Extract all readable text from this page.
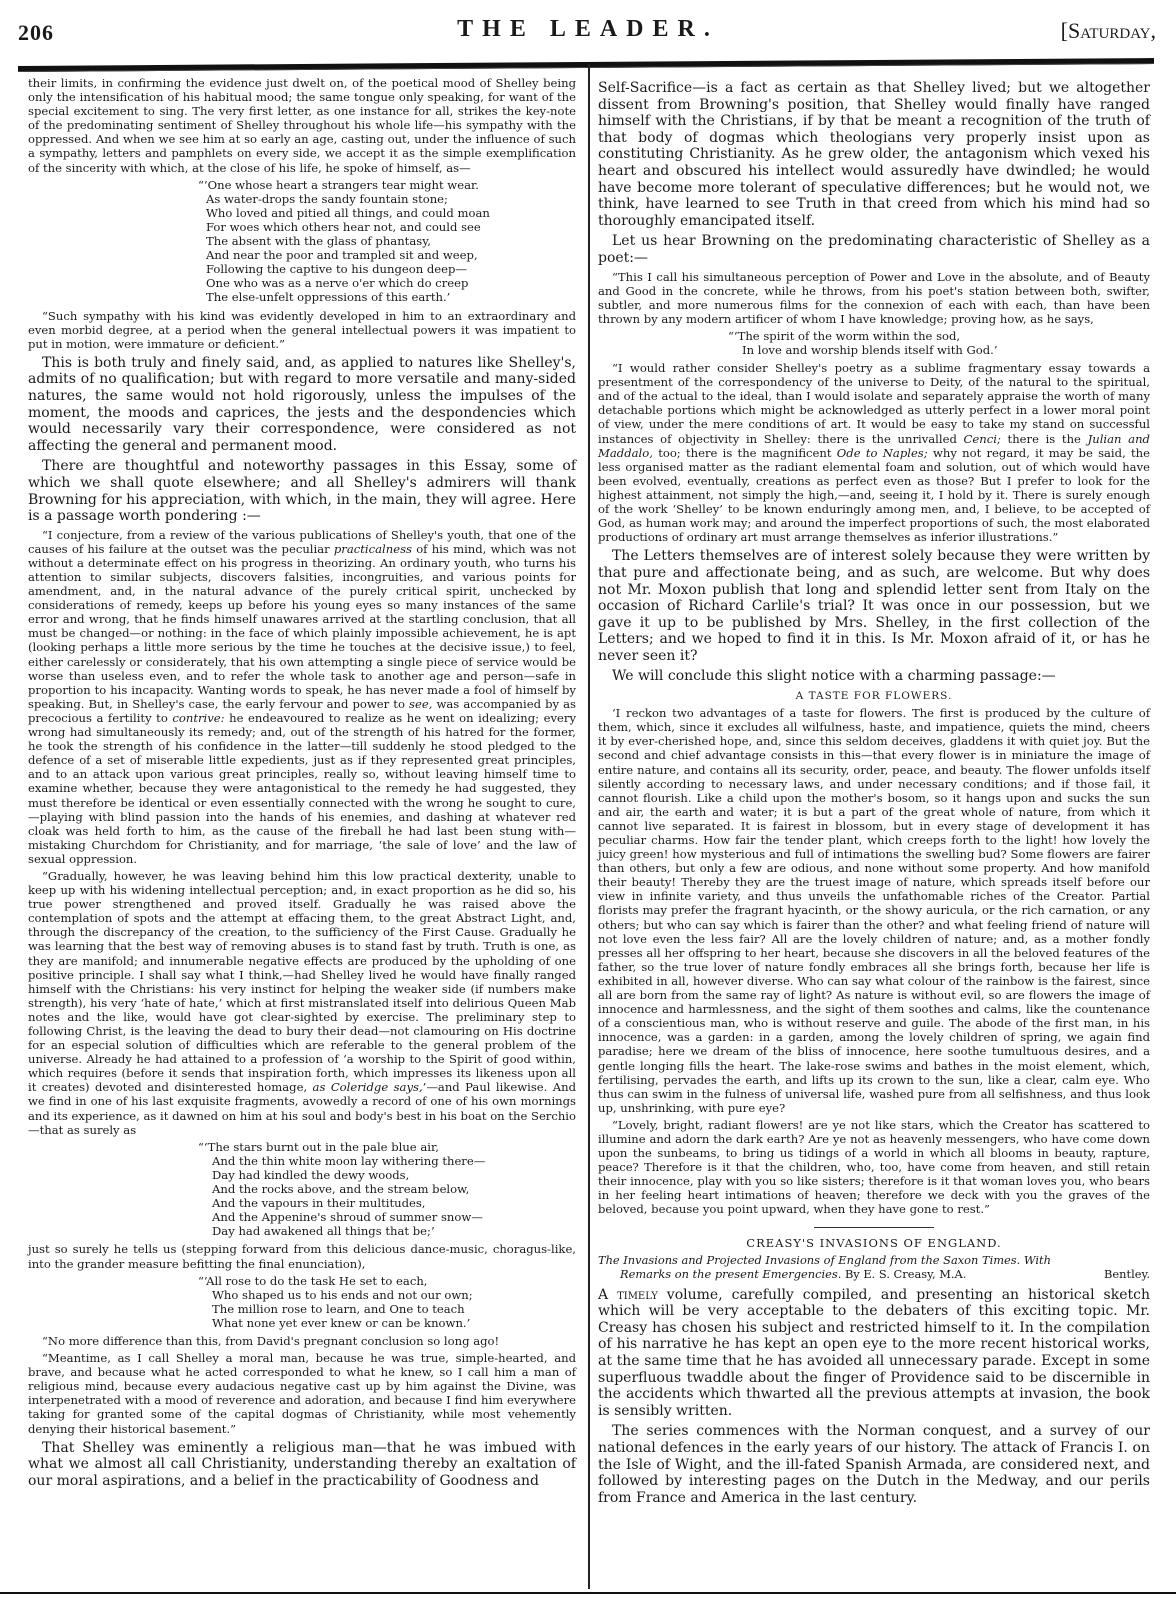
206	THE LEADER.	[Saturday,

their limits, in confirming the evidence just dwelt on, of the poetical mood of Shelley being only the intensification of his habitual mood; the same tongue only speaking, for want of the special excitement to sing. The very first letter, as one instance for all, strikes the key-note of the predominating sentiment of Shelley throughout his whole life—his sympathy with the oppressed. And when we see him at so early an age, casting out, under the influence of such a sympathy, letters and pamphlets on every side, we accept it as the simple exemplification of the sincerity with which, at the close of his life, he spoke of himself, as—

“‘One whose heart a strangers tear might wear.
As water-drops the sandy fountain stone;
Who loved and pitied all things, and could moan
For woes which others hear not, and could see
The absent with the glass of phantasy,
And near the poor and trampled sit and weep,
Following the captive to his dungeon deep—
One who was as a nerve o'er which do creep
The else-unfelt oppressions of this earth.’

“Such sympathy with his kind was evidently developed in him to an extraordinary and even morbid degree, at a period when the general intellectual powers it was impatient to put in motion, were immature or deficient.”

This is both truly and finely said, and, as applied to natures like Shelley's, admits of no qualification; but with regard to more versatile and many-sided natures, the same would not hold rigorously, unless the impulses of the moment, the moods and caprices, the jests and the despondencies which would necessarily vary their correspondence, were considered as not affecting the general and permanent mood.

There are thoughtful and noteworthy passages in this Essay, some of which we shall quote elsewhere; and all Shelley's admirers will thank Browning for his appreciation, with which, in the main, they will agree. Here is a passage worth pondering :—

“I conjecture, from a review of the various publications of Shelley's youth, that one of the causes of his failure at the outset was the peculiar practicalness of his mind, which was not without a determinate effect on his progress in theorizing. An ordinary youth, who turns his attention to similar subjects, discovers falsities, incongruities, and various points for amendment, and, in the natural advance of the purely critical spirit, unchecked by considerations of remedy, keeps up before his young eyes so many instances of the same error and wrong, that he finds himself unawares arrived at the startling conclusion, that all must be changed—or nothing: in the face of which plainly impossible achievement, he is apt (looking perhaps a little more serious by the time he touches at the decisive issue,) to feel, either carelessly or considerately, that his own attempting a single piece of service would be worse than useless even, and to refer the whole task to another age and person—safe in proportion to his incapacity. Wanting words to speak, he has never made a fool of himself by speaking. But, in Shelley's case, the early fervour and power to see, was accompanied by as precocious a fertility to contrive: he endeavoured to realize as he went on idealizing; every wrong had simultaneously its remedy; and, out of the strength of his hatred for the former, he took the strength of his confidence in the latter—till suddenly he stood pledged to the defence of a set of miserable little expedients, just as if they represented great principles, and to an attack upon various great principles, really so, without leaving himself time to examine whether, because they were antagonistical to the remedy he had suggested, they must therefore be identical or even essentially connected with the wrong he sought to cure,—playing with blind passion into the hands of his enemies, and dashing at whatever red cloak was held forth to him, as the cause of the fireball he had last been stung with—mistaking Churchdom for Christianity, and for marriage, ‘the sale of love’ and the law of sexual oppression.

“Gradually, however, he was leaving behind him this low practical dexterity, unable to keep up with his widening intellectual perception; and, in exact proportion as he did so, his true power strengthened and proved itself. Gradually he was raised above the contemplation of spots and the attempt at effacing them, to the great Abstract Light, and, through the discrepancy of the creation, to the sufficiency of the First Cause. Gradually he was learning that the best way of removing abuses is to stand fast by truth. Truth is one, as they are manifold; and innumerable negative effects are produced by the upholding of one positive principle. I shall say what I think,—had Shelley lived he would have finally ranged himself with the Christians: his very instinct for helping the weaker side (if numbers make strength), his very ‘hate of hate,’ which at first mistranslated itself into delirious Queen Mab notes and the like, would have got clear-sighted by exercise. The preliminary step to following Christ, is the leaving the dead to bury their dead—not clamouring on His doctrine for an especial solution of difficulties which are referable to the general problem of the universe. Already he had attained to a profession of ‘a worship to the Spirit of good within, which requires (before it sends that inspiration forth, which impresses its likeness upon all it creates) devoted and disinterested homage, as Coleridge says,’—and Paul likewise. And we find in one of his last exquisite fragments, avowedly a record of one of his own mornings and its experience, as it dawned on him at his soul and body's best in his boat on the Serchio—that as surely as

“‘The stars burnt out in the pale blue air,
And the thin white moon lay withering there—
Day had kindled the dewy woods,
And the rocks above, and the stream below,
And the vapours in their multitudes,
And the Appenine's shroud of summer snow—
Day had awakened all things that be;’

just so surely he tells us (stepping forward from this delicious dance-music, choragus-like, into the grander measure befitting the final enunciation),

“‘All rose to do the task He set to each,
Who shaped us to his ends and not our own;
The million rose to learn, and One to teach
What none yet ever knew or can be known.’

“No more difference than this, from David's pregnant conclusion so long ago!

“Meantime, as I call Shelley a moral man, because he was true, simple-hearted, and brave, and because what he acted corresponded to what he knew, so I call him a man of religious mind, because every audacious negative cast up by him against the Divine, was interpenetrated with a mood of reverence and adoration, and because I find him everywhere taking for granted some of the capital dogmas of Christianity, while most vehemently denying their historical basement.”

That Shelley was eminently a religious man—that he was imbued with what we almost all call Christianity, understanding thereby an exaltation of our moral aspirations, and a belief in the practicability of Goodness and

Self-Sacrifice—is a fact as certain as that Shelley lived; but we altogether dissent from Browning's position, that Shelley would finally have ranged himself with the Christians, if by that be meant a recognition of the truth of that body of dogmas which theologians very properly insist upon as constituting Christianity. As he grew older, the antagonism which vexed his heart and obscured his intellect would assuredly have dwindled; he would have become more tolerant of speculative differences; but he would not, we think, have learned to see Truth in that creed from which his mind had so thoroughly emancipated itself.

Let us hear Browning on the predominating characteristic of Shelley as a poet:—

“This I call his simultaneous perception of Power and Love in the absolute, and of Beauty and Good in the concrete, while he throws, from his poet's station between both, swifter, subtler, and more numerous films for the connexion of each with each, than have been thrown by any modern artificer of whom I have knowledge; proving how, as he says,

“‘The spirit of the worm within the sod,
In love and worship blends itself with God.’

“I would rather consider Shelley's poetry as a sublime fragmentary essay towards a presentment of the correspondency of the universe to Deity, of the natural to the spiritual, and of the actual to the ideal, than I would isolate and separately appraise the worth of many detachable portions which might be acknowledged as utterly perfect in a lower moral point of view, under the mere conditions of art. It would be easy to take my stand on successful instances of objectivity in Shelley: there is the unrivalled Cenci; there is the Julian and Maddalo, too; there is the magnificent Ode to Naples; why not regard, it may be said, the less organised matter as the radiant elemental foam and solution, out of which would have been evolved, eventually, creations as perfect even as those? But I prefer to look for the highest attainment, not simply the high,—and, seeing it, I hold by it. There is surely enough of the work ‘Shelley’ to be known enduringly among men, and, I believe, to be accepted of God, as human work may; and around the imperfect proportions of such, the most elaborated productions of ordinary art must arrange themselves as inferior illustrations.”

The Letters themselves are of interest solely because they were written by that pure and affectionate being, and as such, are welcome. But why does not Mr. Moxon publish that long and splendid letter sent from Italy on the occasion of Richard Carlile's trial? It was once in our possession, but we gave it up to be published by Mrs. Shelley, in the first collection of the Letters; and we hoped to find it in this. Is Mr. Moxon afraid of it, or has he never seen it?

We will conclude this slight notice with a charming passage:—

A TASTE FOR FLOWERS.

‘I reckon two advantages of a taste for flowers. The first is produced by the culture of them, which, since it excludes all wilfulness, haste, and impatience, quiets the mind, cheers it by ever-cherished hope, and, since this seldom deceives, gladdens it with quiet joy. But the second and chief advantage consists in this—that every flower is in miniature the image of entire nature, and contains all its security, order, peace, and beauty. The flower unfolds itself silently according to necessary laws, and under necessary conditions; and if those fail, it cannot flourish. Like a child upon the mother's bosom, so it hangs upon and sucks the sun and air, the earth and water; it is but a part of the great whole of nature, from which it cannot live separated. It is fairest in blossom, but in every stage of development it has peculiar charms. How fair the tender plant, which creeps forth to the light! how lovely the juicy green! how mysterious and full of intimations the swelling bud? Some flowers are fairer than others, but only a few are odious, and none without some property. And how manifold their beauty! Thereby they are the truest image of nature, which spreads itself before our view in infinite variety, and thus unveils the unfathomable riches of the Creator. Partial florists may prefer the fragrant hyacinth, or the showy auricula, or the rich carnation, or any others; but who can say which is fairer than the other? and what feeling friend of nature will not love even the less fair? All are the lovely children of nature; and, as a mother fondly presses all her offspring to her heart, because she discovers in all the beloved features of the father, so the true lover of nature fondly embraces all she brings forth, because her life is exhibited in all, however diverse. Who can say what colour of the rainbow is the fairest, since all are born from the same ray of light? As nature is without evil, so are flowers the image of innocence and harmlessness, and the sight of them soothes and calms, like the countenance of a conscientious man, who is without reserve and guile. The abode of the first man, in his innocence, was a garden: in a garden, among the lovely children of spring, we again find paradise; here we dream of the bliss of innocence, here soothe tumultuous desires, and a gentle longing fills the heart. The lake-rose swims and bathes in the moist element, which, fertilising, pervades the earth, and lifts up its crown to the sun, like a clear, calm eye. Who thus can swim in the fulness of universal life, washed pure from all selfishness, and thus look up, unshrinking, with pure eye?

“Lovely, bright, radiant flowers! are ye not like stars, which the Creator has scattered to illumine and adorn the dark earth? Are ye not as heavenly messengers, who have come down upon the sunbeams, to bring us tidings of a world in which all blooms in beauty, rapture, peace? Therefore is it that the children, who, too, have come from heaven, and still retain their innocence, play with you so like sisters; therefore is it that woman loves you, who bears in her feeling heart intimations of heaven; therefore we deck with you the graves of the beloved, because you point upward, when they have gone to rest.”

CREASY'S INVASIONS OF ENGLAND.
The Invasions and Projected Invasions of England from the Saxon Times. With
Remarks on the present Emergencies. By E. S. Creasy, M.A.	Bentley.

A timely volume, carefully compiled, and presenting an historical sketch which will be very acceptable to the debaters of this exciting topic. Mr. Creasy has chosen his subject and restricted himself to it. In the compilation of his narrative he has kept an open eye to the more recent historical works, at the same time that he has avoided all unnecessary parade. Except in some superfluous twaddle about the finger of Providence said to be discernible in the accidents which thwarted all the previous attempts at invasion, the book is sensibly written.

The series commences with the Norman conquest, and a survey of our national defences in the early years of our history. The attack of Francis I. on the Isle of Wight, and the ill-fated Spanish Armada, are considered next, and followed by interesting pages on the Dutch in the Medway, and our perils from France and America in the last century.
